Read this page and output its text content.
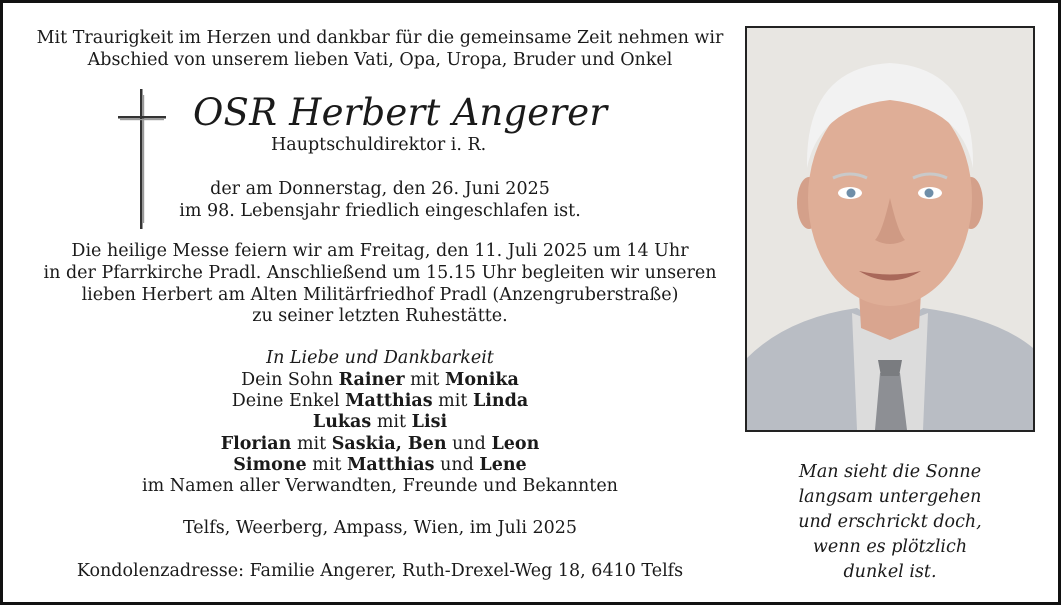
Mit Traurigkeit im Herzen und dankbar für die gemeinsame Zeit nehmen wir
Abschied von unserem lieben Vati, Opa, Uropa, Bruder und Onkel
OSR Herbert Angerer
Hauptschuldirektor i. R.
der am Donnerstag, den 26. Juni 2025
im 98. Lebensjahr friedlich eingeschlafen ist.
Die heilige Messe feiern wir am Freitag, den 11. Juli 2025 um 14 Uhr
in der Pfarrkirche Pradl. Anschließend um 15.15 Uhr begleiten wir unseren
lieben Herbert am Alten Militärfriedhof Pradl (Anzengruberstraße)
zu seiner letzten Ruhestätte.
In Liebe und Dankbarkeit
Dein Sohn Rainer mit Monika
Deine Enkel Matthias mit Linda
Lukas mit Lisi
Florian mit Saskia, Ben und Leon
Simone mit Matthias und Lene
im Namen aller Verwandten, Freunde und Bekannten
Telfs, Weerberg, Ampass, Wien, im Juli 2025
Kondolenzadresse: Familie Angerer, Ruth-Drexel-Weg 18, 6410 Telfs
Man sieht die Sonne
langsam untergehen
und erschrickt doch,
wenn es plötzlich
dunkel ist.
